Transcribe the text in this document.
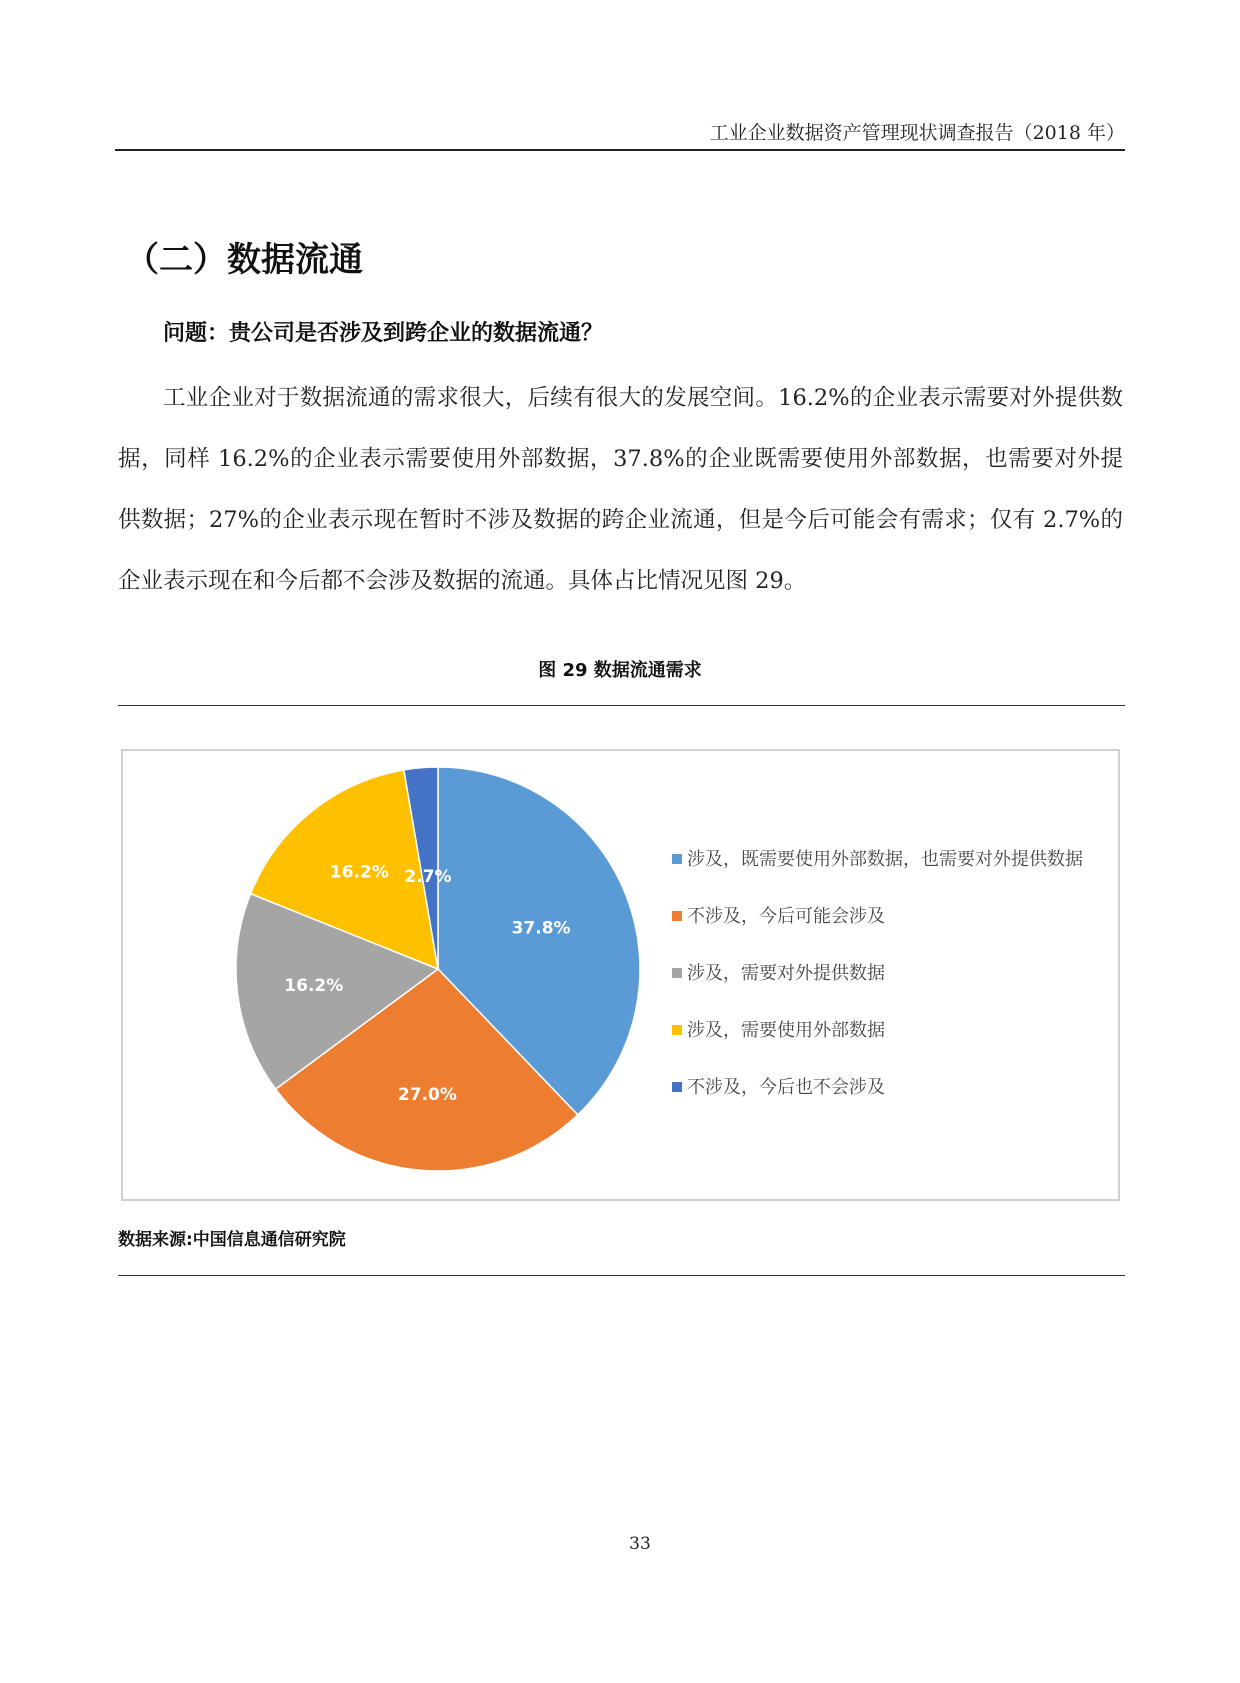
工业企业数据资产管理现状调查报告（2018 年）
（二）数据流通
问题：贵公司是否涉及到跨企业的数据流通？
工业企业对于数据流通的需求很大，后续有很大的发展空间。16.2%的企业表示需要对外提供数据，同样 16.2%的企业表示需要使用外部数据，37.8%的企业既需要使用外部数据，也需要对外提供数据；27%的企业表示现在暂时不涉及数据的跨企业流通，但是今后可能会有需求；仅有 2.7%的企业表示现在和今后都不会涉及数据的流通。具体占比情况见图 29。
图 29 数据流通需求
37.8%
27.0%
16.2%
16.2% 2.7%
涉及，既需要使用外部数据，也需要对外提供数据
不涉及，今后可能会涉及
涉及，需要对外提供数据
涉及，需要使用外部数据
不涉及，今后也不会涉及
数据来源:中国信息通信研究院
33
